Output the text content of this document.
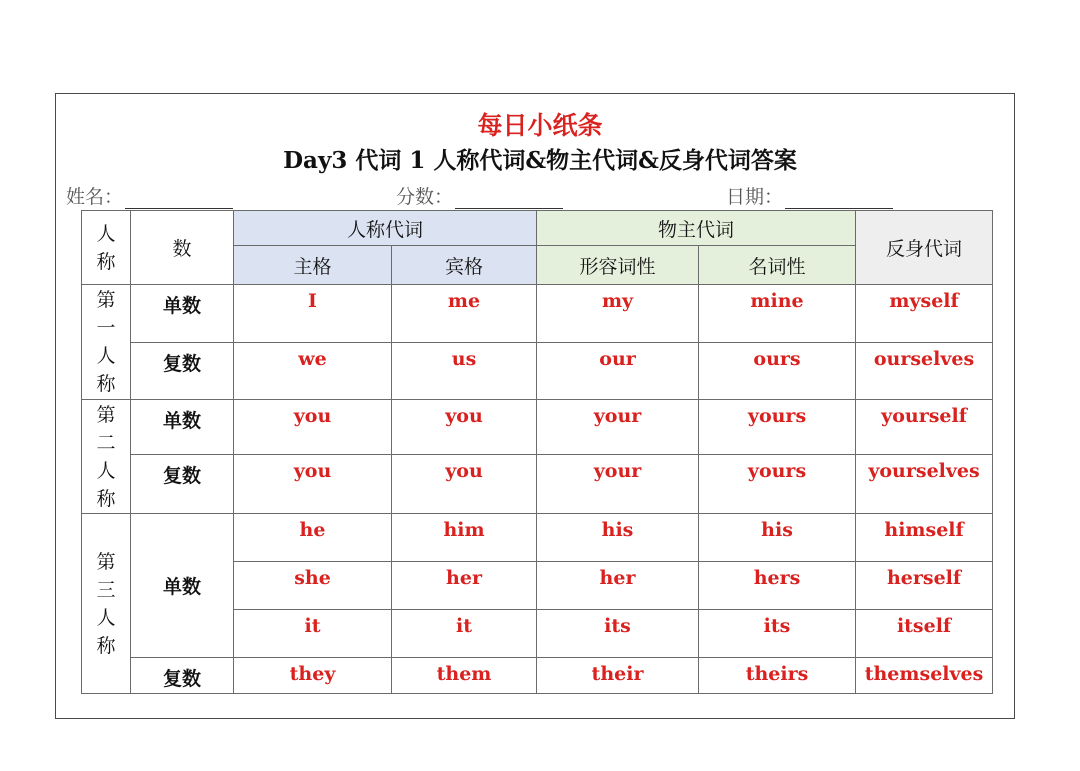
每日小纸条
Day3 代词 1 人称代词&物主代词&反身代词答案
姓名：	分数：	日期：
人
称	数	人称代词		物主代词		反身代词
		主格	宾格	形容词性	名词性	
第
一
人
称	单数	I	me	my	mine	myself
	复数	we	us	our	ours	ourselves
第
二
人
称	单数	you	you	your	yours	yourself
	复数	you	you	your	yours	yourselves
第
三
人
称	单数	he	him	his	his	himself
		she	her	her	hers	herself
		it	it	its	its	itself
	复数	they	them	their	theirs	themselves
